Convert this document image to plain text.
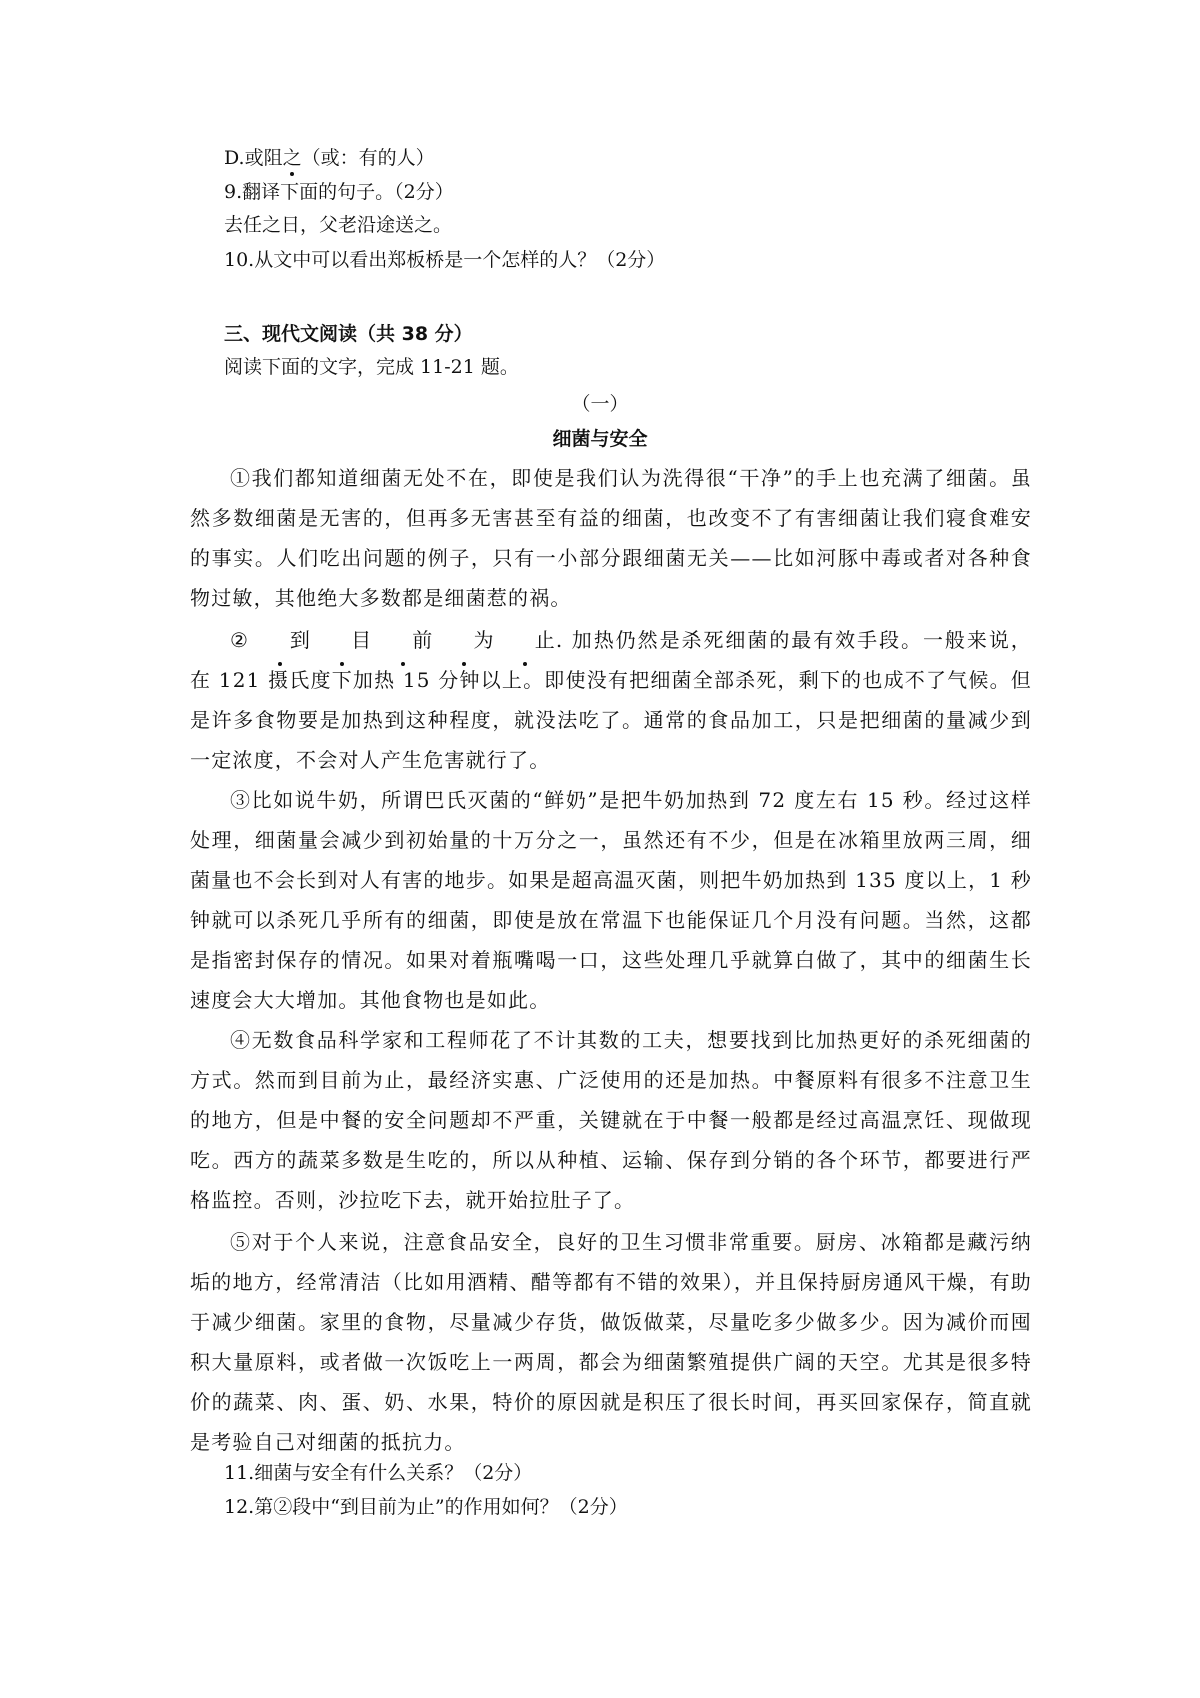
D.或阻之（或：有的人）
9.翻译下面的句子。（2分）
去任之日，父老沿途送之。
10.从文中可以看出郑板桥是一个怎样的人？（2分）
三、现代文阅读（共 38 分）
阅读下面的文字，完成 11-21 题。
（一）
细菌与安全
①我们都知道细菌无处不在，即使是我们认为洗得很“干净”的手上也充满了细菌。虽然多数细菌是无害的，但再多无害甚至有益的细菌，也改变不了有害细菌让我们寝食难安的事实。人们吃出问题的例子，只有一小部分跟细菌无关——比如河豚中毒或者对各种食物过敏，其他绝大多数都是细菌惹的祸。
② 到 目 前 为 止. 加热仍然是杀死细菌的最有效手段。一般来说，在 121 摄氏度下加热 15 分钟以上。即使没有把细菌全部杀死，剩下的也成不了气候。但是许多食物要是加热到这种程度，就没法吃了。通常的食品加工，只是把细菌的量减少到一定浓度，不会对人产生危害就行了。
③比如说牛奶，所谓巴氏灭菌的“鲜奶”是把牛奶加热到 72 度左右 15 秒。经过这样处理，细菌量会减少到初始量的十万分之一，虽然还有不少，但是在冰箱里放两三周，细菌量也不会长到对人有害的地步。如果是超高温灭菌，则把牛奶加热到 135 度以上，1 秒钟就可以杀死几乎所有的细菌，即使是放在常温下也能保证几个月没有问题。当然，这都是指密封保存的情况。如果对着瓶嘴喝一口，这些处理几乎就算白做了，其中的细菌生长速度会大大增加。其他食物也是如此。
④无数食品科学家和工程师花了不计其数的工夫，想要找到比加热更好的杀死细菌的方式。然而到目前为止，最经济实惠、广泛使用的还是加热。中餐原料有很多不注意卫生的地方，但是中餐的安全问题却不严重，关键就在于中餐一般都是经过高温烹饪、现做现吃。西方的蔬菜多数是生吃的，所以从种植、运输、保存到分销的各个环节，都要进行严格监控。否则，沙拉吃下去，就开始拉肚子了。
⑤对于个人来说，注意食品安全，良好的卫生习惯非常重要。厨房、冰箱都是藏污纳垢的地方，经常清洁（比如用酒精、醋等都有不错的效果），并且保持厨房通风干燥，有助于减少细菌。家里的食物，尽量减少存货，做饭做菜，尽量吃多少做多少。因为减价而囤积大量原料，或者做一次饭吃上一两周，都会为细菌繁殖提供广阔的天空。尤其是很多特价的蔬菜、肉、蛋、奶、水果，特价的原因就是积压了很长时间，再买回家保存，简直就是考验自己对细菌的抵抗力。
11.细菌与安全有什么关系？（2分）
12.第②段中“到目前为止”的作用如何？（2分）
